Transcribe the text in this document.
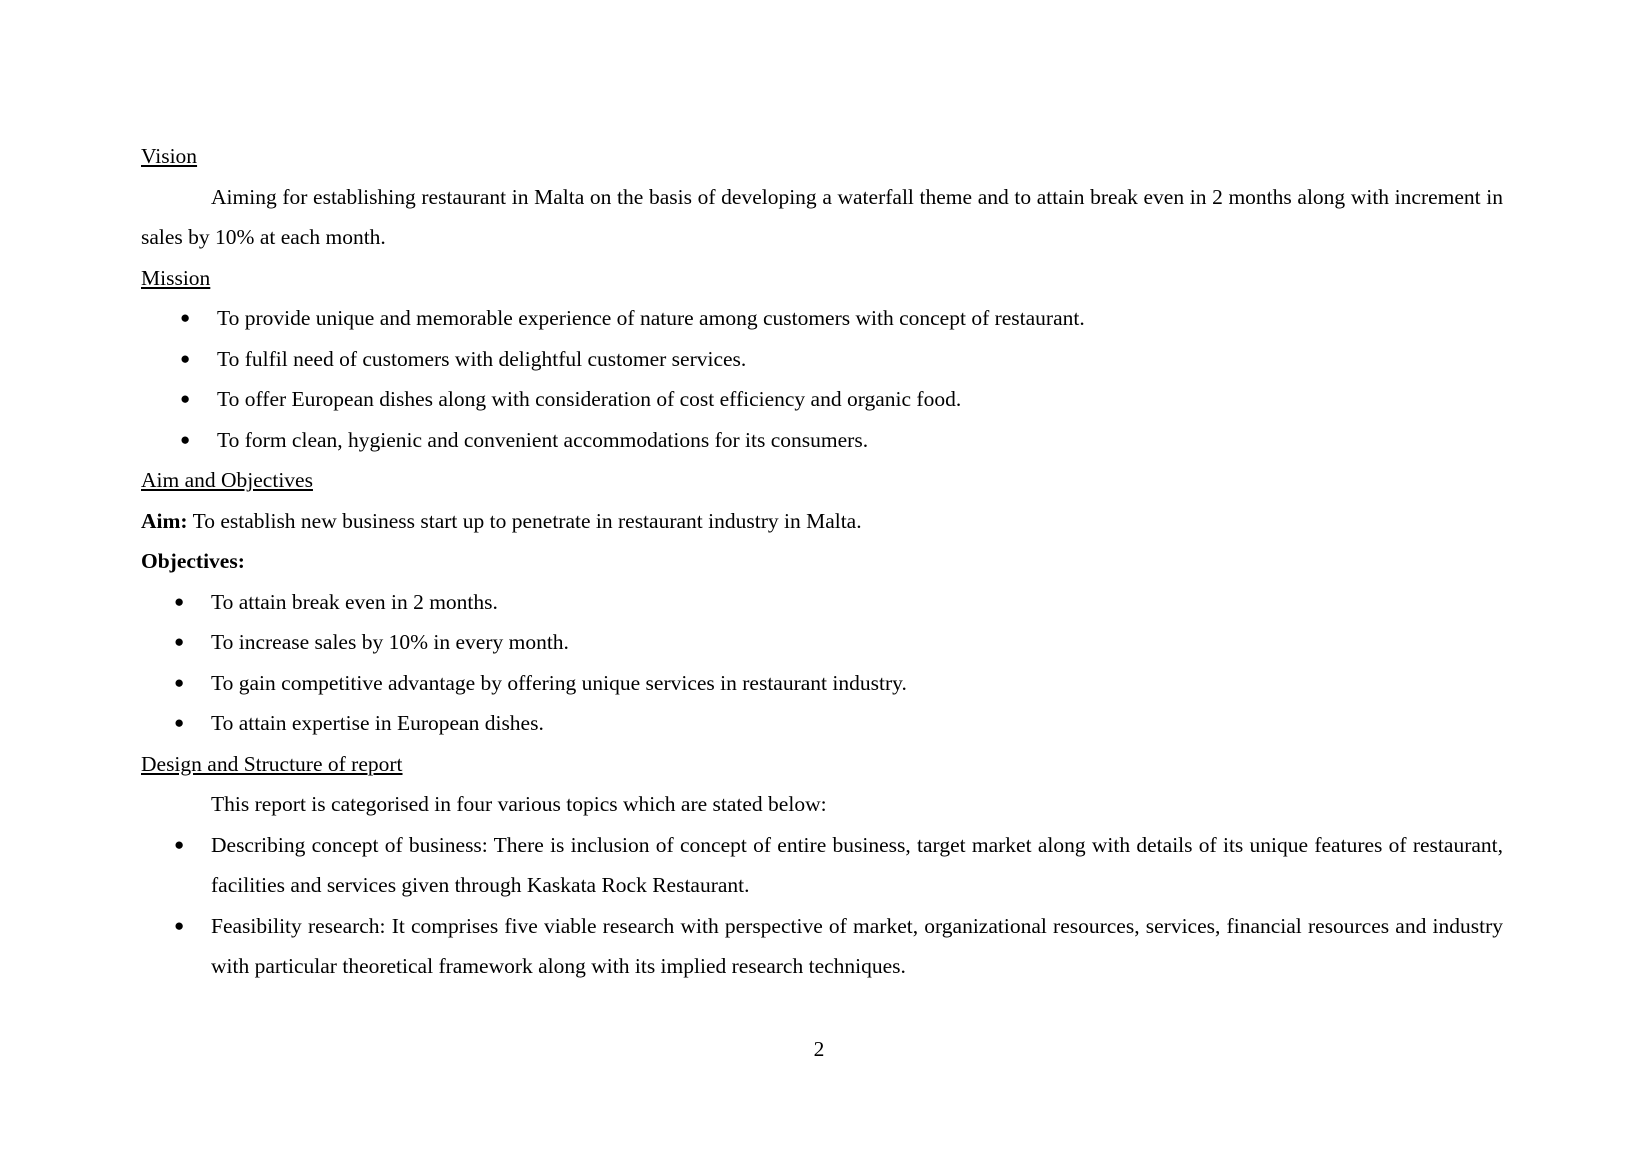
Vision

Aiming for establishing restaurant in Malta on the basis of developing a waterfall theme and to attain break even in 2 months along with increment in sales by 10% at each month.

Mission

● To provide unique and memorable experience of nature among customers with concept of restaurant.
● To fulfil need of customers with delightful customer services.
● To offer European dishes along with consideration of cost efficiency and organic food.
● To form clean, hygienic and convenient accommodations for its consumers.

Aim and Objectives

Aim: To establish new business start up to penetrate in restaurant industry in Malta.

Objectives:

● To attain break even in 2 months.
● To increase sales by 10% in every month.
● To gain competitive advantage by offering unique services in restaurant industry.
● To attain expertise in European dishes.

Design and Structure of report

This report is categorised in four various topics which are stated below:

● Describing concept of business: There is inclusion of concept of entire business, target market along with details of its unique features of restaurant, facilities and services given through Kaskata Rock Restaurant.
● Feasibility research: It comprises five viable research with perspective of market, organizational resources, services, financial resources and industry with particular theoretical framework along with its implied research techniques.
2
